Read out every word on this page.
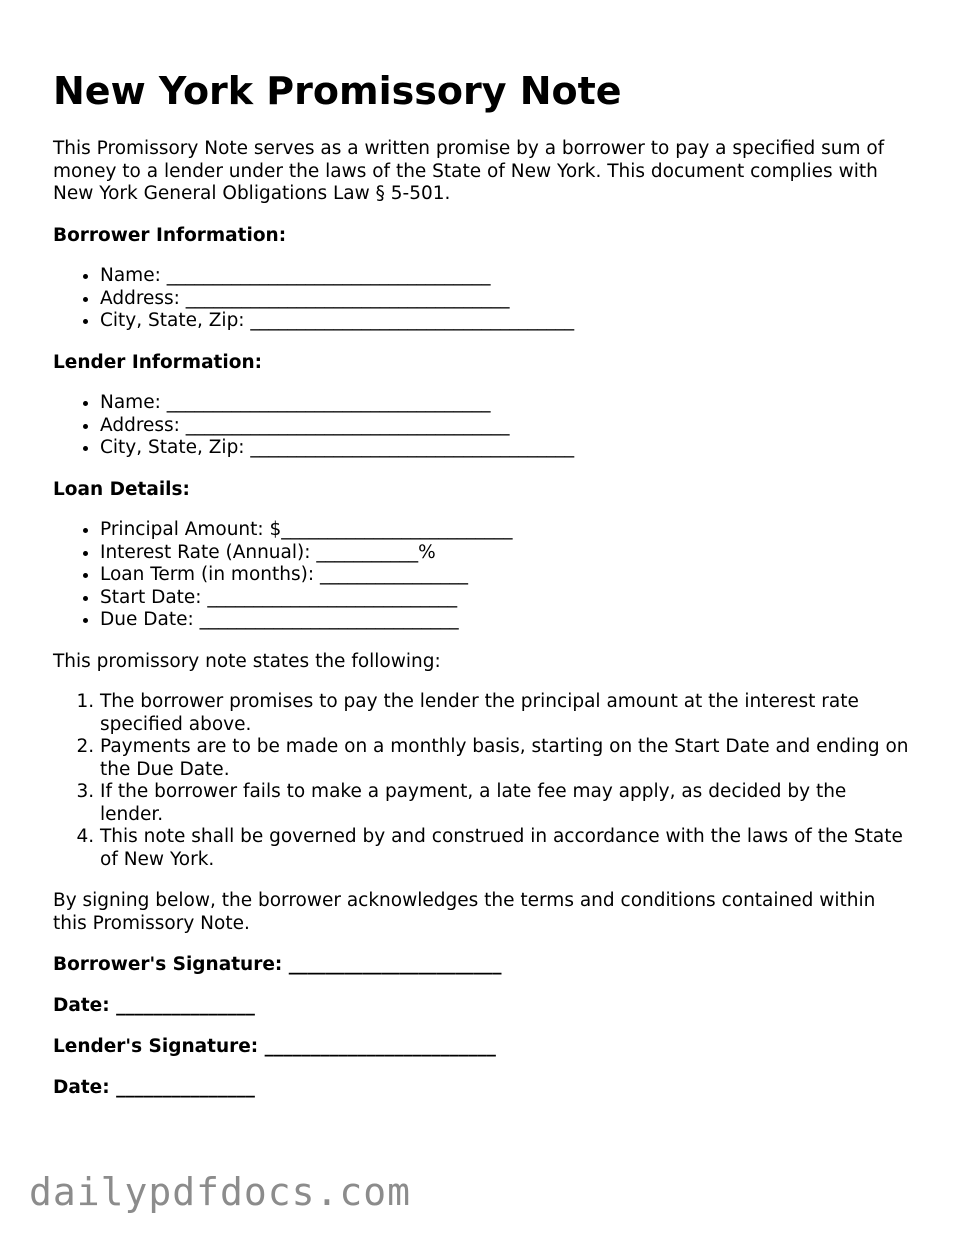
New York Promissory Note

This Promissory Note serves as a written promise by a borrower to pay a specified sum of money to a lender under the laws of the State of New York. This document complies with New York General Obligations Law § 5-501.

Borrower Information:

• Name: ___________________________________
• Address: ___________________________________
• City, State, Zip: ___________________________________

Lender Information:

• Name: ___________________________________
• Address: ___________________________________
• City, State, Zip: ___________________________________

Loan Details:

• Principal Amount: $_________________________
• Interest Rate (Annual): ___________%
• Loan Term (in months): ________________
• Start Date: ___________________________
• Due Date: ____________________________

This promissory note states the following:

1. The borrower promises to pay the lender the principal amount at the interest rate specified above.
2. Payments are to be made on a monthly basis, starting on the Start Date and ending on the Due Date.
3. If the borrower fails to make a payment, a late fee may apply, as decided by the lender.
4. This note shall be governed by and construed in accordance with the laws of the State of New York.

By signing below, the borrower acknowledges the terms and conditions contained within this Promissory Note.

Borrower's Signature: _______________________

Date: _______________

Lender's Signature: _________________________

Date: _______________

dailypdfdocs.com
